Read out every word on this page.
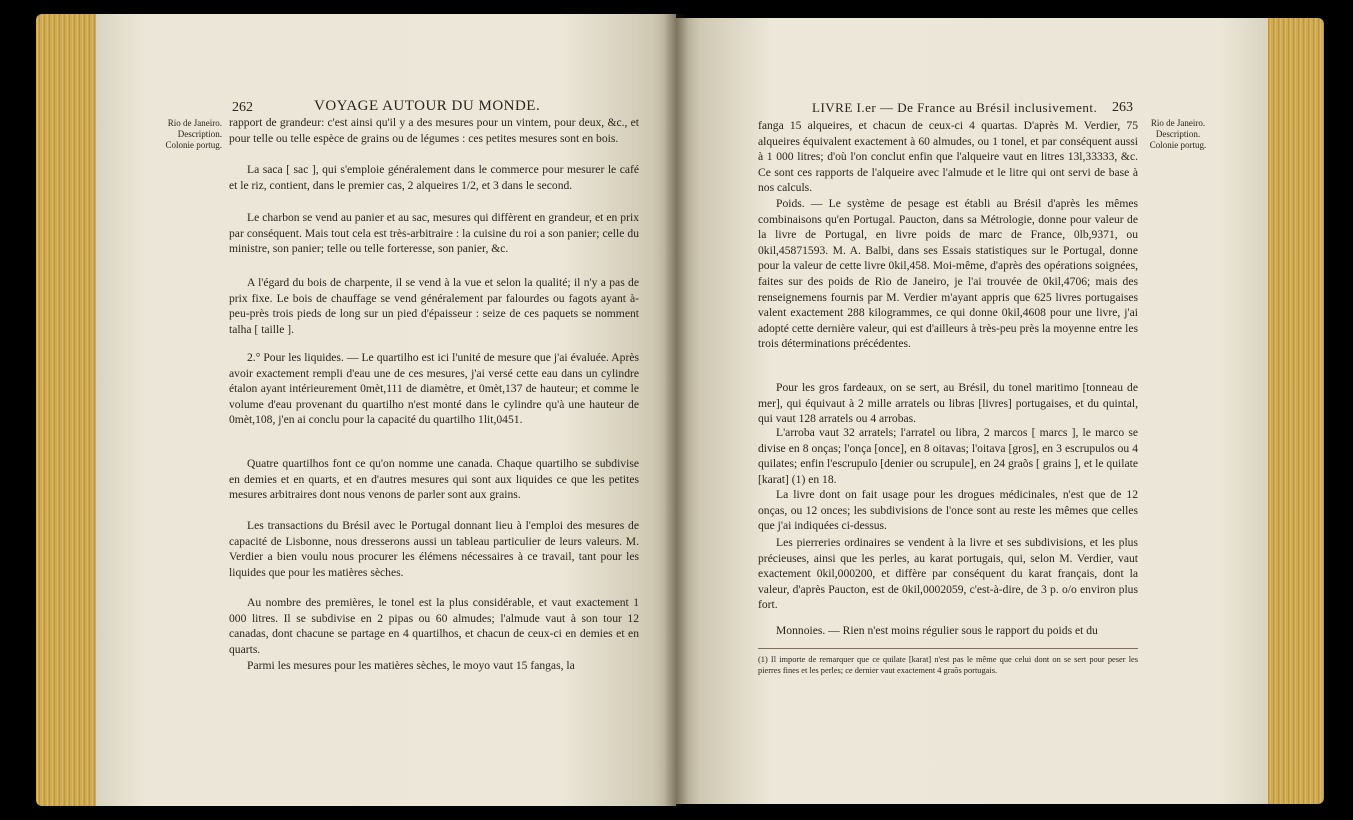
262	VOYAGE AUTOUR DU MONDE.
Rio de Janeiro.
Description.
Colonie portug.

rapport de grandeur: c'est ainsi qu'il y a des mesures pour un vintem, pour deux, &c., et pour telle ou telle espèce de grains ou de légumes : ces petites mesures sont en bois.

La saca [ sac ], qui s'emploie généralement dans le commerce pour mesurer le café et le riz, contient, dans le premier cas, 2 alqueires 1/2, et 3 dans le second.

Le charbon se vend au panier et au sac, mesures qui diffèrent en grandeur, et en prix par conséquent. Mais tout cela est très-arbitraire : la cuisine du roi a son panier; celle du ministre, son panier; telle ou telle forteresse, son panier, &c.

A l'égard du bois de charpente, il se vend à la vue et selon la qualité; il n'y a pas de prix fixe. Le bois de chauffage se vend généralement par falourdes ou fagots ayant à-peu-près trois pieds de long sur un pied d'épaisseur : seize de ces paquets se nomment talha [ taille ].

2.° Pour les liquides. — Le quartilho est ici l'unité de mesure que j'ai évaluée. Après avoir exactement rempli d'eau une de ces mesures, j'ai versé cette eau dans un cylindre étalon ayant intérieurement 0mèt,111 de diamètre, et 0mèt,137 de hauteur; et comme le volume d'eau provenant du quartilho n'est monté dans le cylindre qu'à une hauteur de 0mèt,108, j'en ai conclu pour la capacité du quartilho 1lit,0451.

Quatre quartilhos font ce qu'on nomme une canada. Chaque quartilho se subdivise en demies et en quarts, et en d'autres mesures qui sont aux liquides ce que les petites mesures arbitraires dont nous venons de parler sont aux grains.

Les transactions du Brésil avec le Portugal donnant lieu à l'emploi des mesures de capacité de Lisbonne, nous dresserons aussi un tableau particulier de leurs valeurs. M. Verdier a bien voulu nous procurer les élémens nécessaires à ce travail, tant pour les liquides que pour les matières sèches.

Au nombre des premières, le tonel est la plus considérable, et vaut exactement 1 000 litres. Il se subdivise en 2 pipas ou 60 almudes; l'almude vaut à son tour 12 canadas, dont chacune se partage en 4 quartilhos, et chacun de ceux-ci en demies et en quarts.

Parmi les mesures pour les matières sèches, le moyo vaut 15 fangas, la

LIVRE I.er — De France au Brésil inclusivement. 263
Rio de Janeiro.
Description.
Colonie portug.

fanga 15 alqueires, et chacun de ceux-ci 4 quartas. D'après M. Verdier, 75 alqueires équivalent exactement à 60 almudes, ou 1 tonel, et par conséquent aussi à 1 000 litres; d'où l'on conclut enfin que l'alqueire vaut en litres 13l,33333, &c. Ce sont ces rapports de l'alqueire avec l'almude et le litre qui ont servi de base à nos calculs.

Poids. — Le système de pesage est établi au Brésil d'après les mêmes combinaisons qu'en Portugal. Paucton, dans sa Métrologie, donne pour valeur de la livre de Portugal, en livre poids de marc de France, 0lb,9371, ou 0kil,45871593. M. A. Balbi, dans ses Essais statistiques sur le Portugal, donne pour la valeur de cette livre 0kil,458. Moi-même, d'après des opérations soignées, faites sur des poids de Rio de Janeiro, je l'ai trouvée de 0kil,4706; mais des renseignemens fournis par M. Verdier m'ayant appris que 625 livres portugaises valent exactement 288 kilogrammes, ce qui donne 0kil,4608 pour une livre, j'ai adopté cette dernière valeur, qui est d'ailleurs à très-peu près la moyenne entre les trois déterminations précédentes.

Pour les gros fardeaux, on se sert, au Brésil, du tonel maritimo [tonneau de mer], qui équivaut à 2 mille arratels ou libras [livres] portugaises, et du quintal, qui vaut 128 arratels ou 4 arrobas.

L'arroba vaut 32 arratels; l'arratel ou libra, 2 marcos [ marcs ], le marco se divise en 8 onças; l'onça [once], en 8 oitavas; l'oitava [gros], en 3 escrupulos ou 4 quilates; enfin l'escrupulo [denier ou scrupule], en 24 graõs [ grains ], et le quilate [karat] (1) en 18.

La livre dont on fait usage pour les drogues médicinales, n'est que de 12 onças, ou 12 onces; les subdivisions de l'once sont au reste les mêmes que celles que j'ai indiquées ci-dessus.

Les pierreries ordinaires se vendent à la livre et ses subdivisions, et les plus précieuses, ainsi que les perles, au karat portugais, qui, selon M. Verdier, vaut exactement 0kil,000200, et diffère par conséquent du karat français, dont la valeur, d'après Paucton, est de 0kil,0002059, c'est-à-dire, de 3 p. o/o environ plus fort.

Monnoies. — Rien n'est moins régulier sous le rapport du poids et du

(1) Il importe de remarquer que ce quilate [karat] n'est pas le même que celui dont on se sert pour peser les pierres fines et les perles; ce dernier vaut exactement 4 graõs portugais.
